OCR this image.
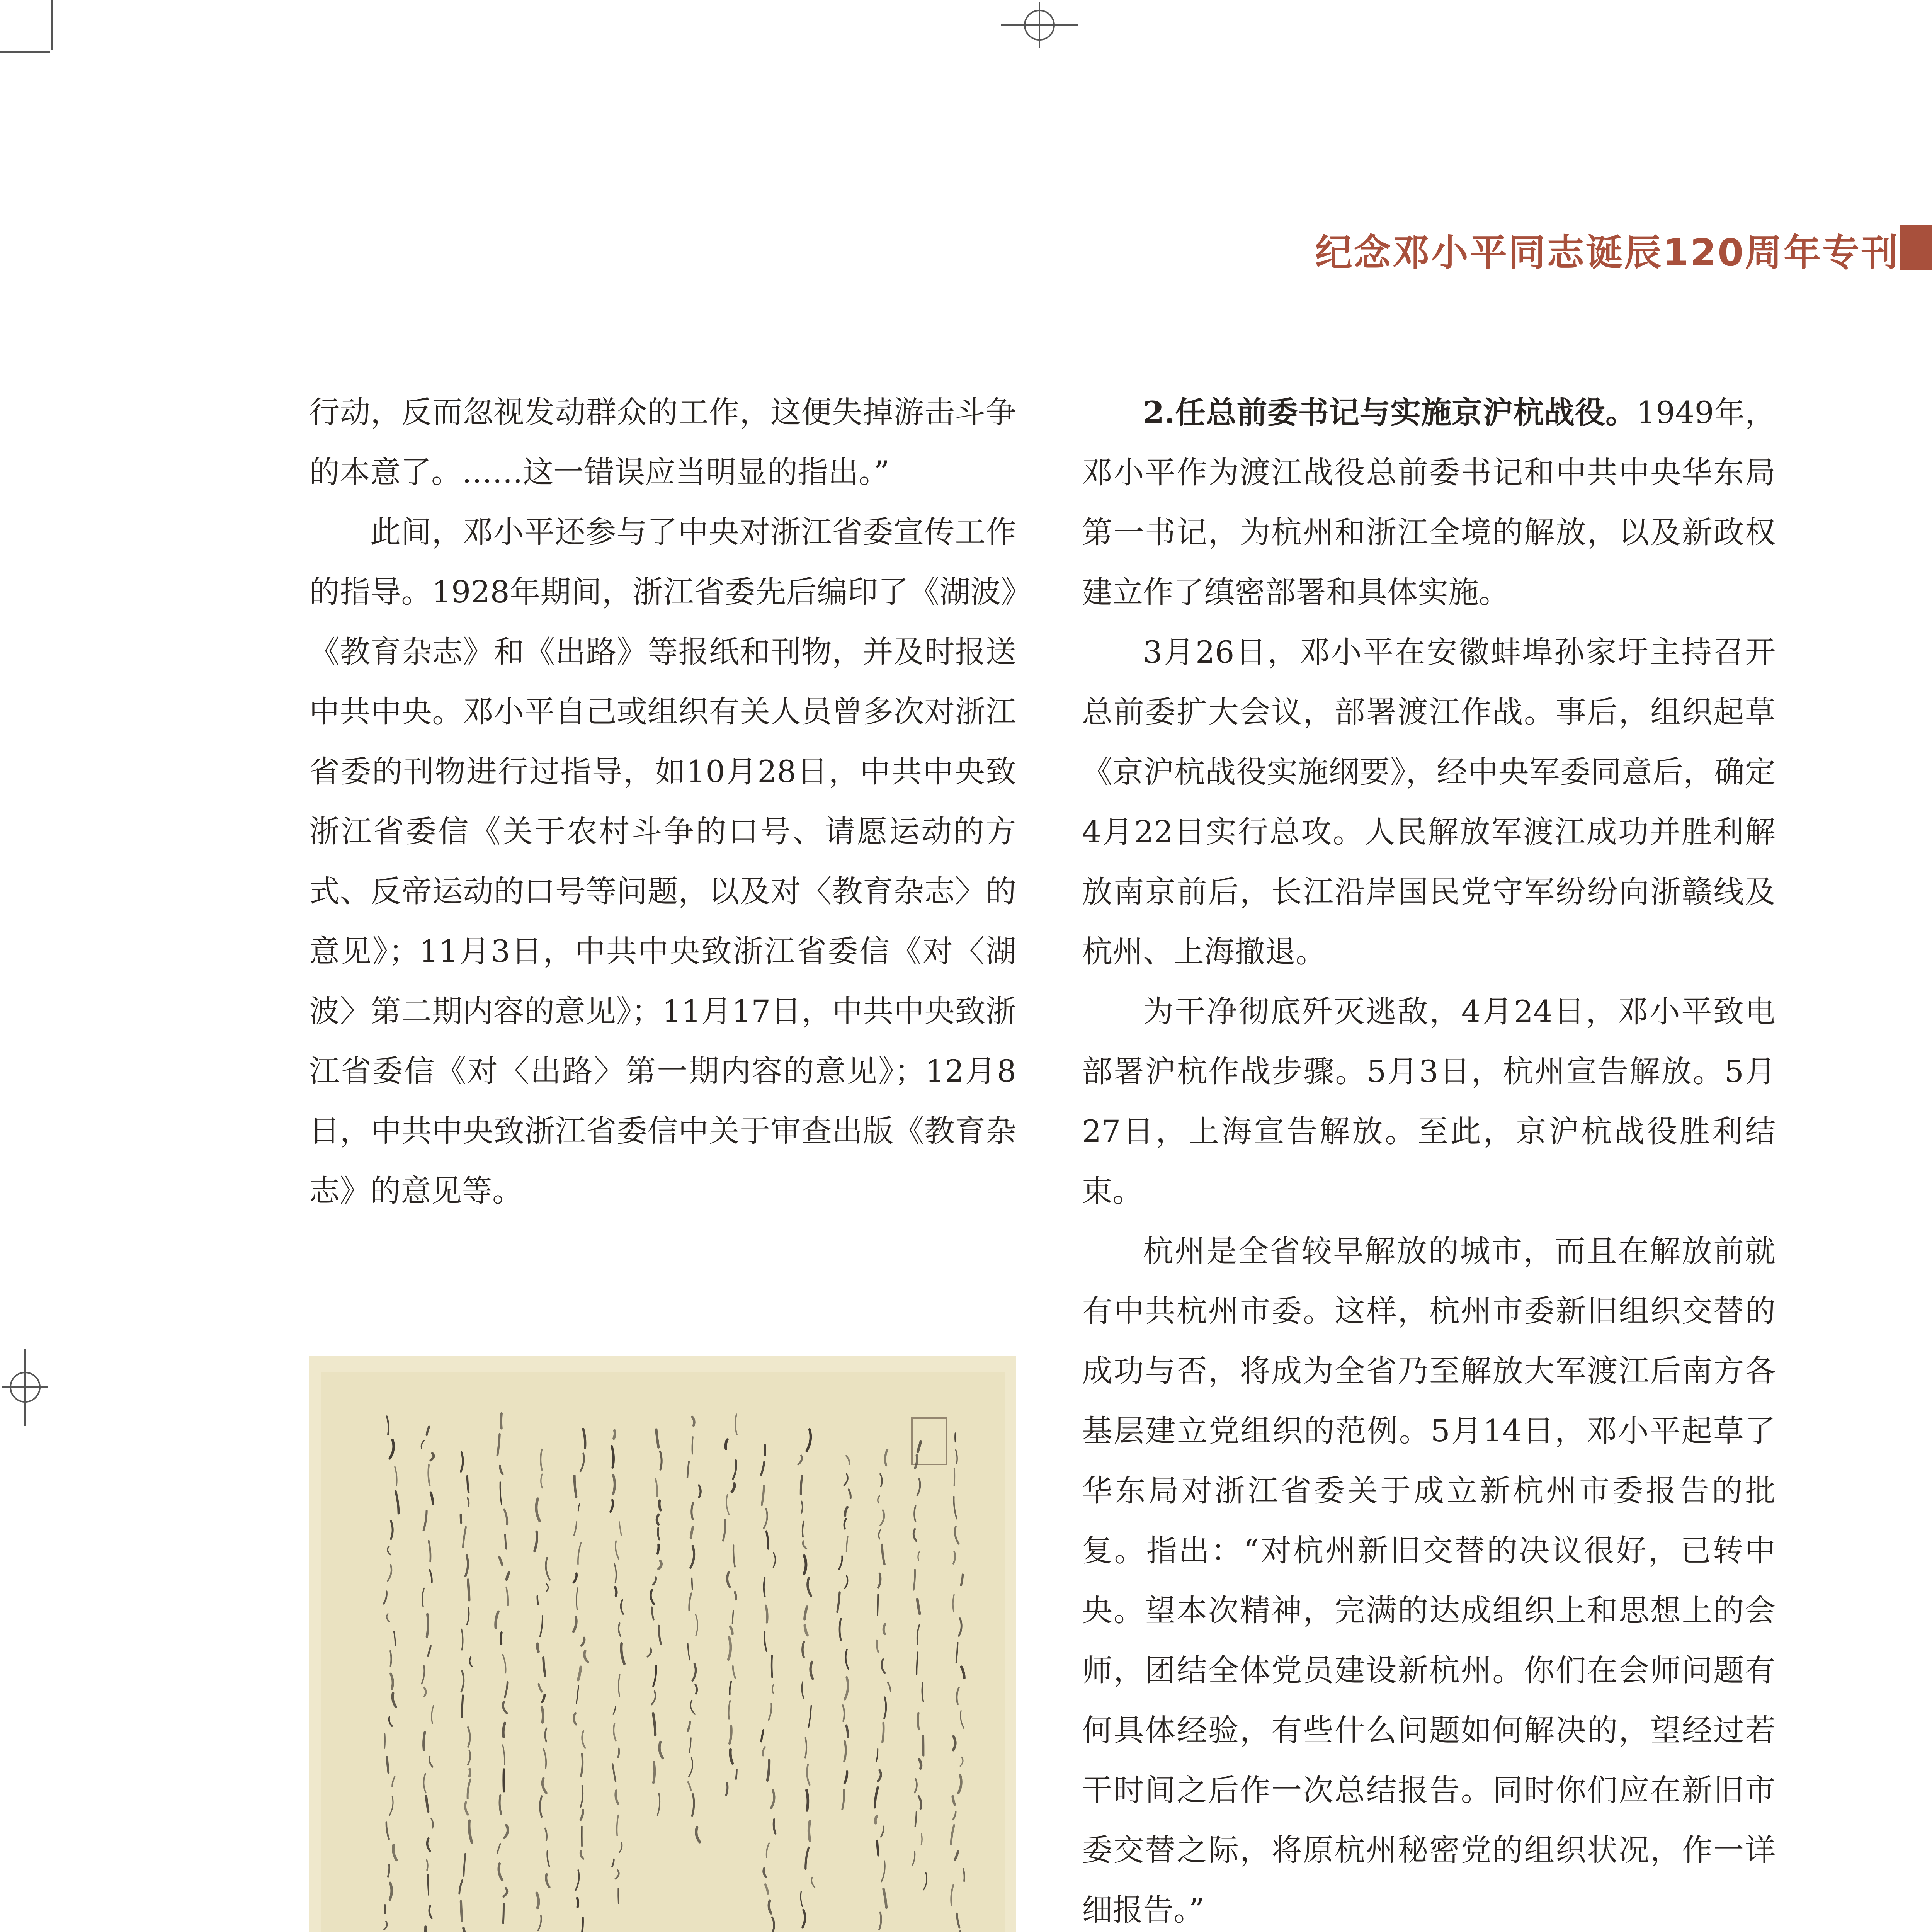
纪念邓小平同志诞辰120周年专刊

行动，反而忽视发动群众的工作，这便失掉游击斗争的本意了。……这一错误应当明显的指出。”

此间，邓小平还参与了中央对浙江省委宣传工作的指导。1928年期间，浙江省委先后编印了《湖波》《教育杂志》和《出路》等报纸和刊物，并及时报送中共中央。邓小平自己或组织有关人员曾多次对浙江省委的刊物进行过指导，如10月28日，中共中央致浙江省委信《关于农村斗争的口号、请愿运动的方式、反帝运动的口号等问题，以及对〈教育杂志〉的意见》；11月3日，中共中央致浙江省委信《对〈湖波〉第二期内容的意见》；11月17日，中共中央致浙江省委信《对〈出路〉第一期内容的意见》；12月8日，中共中央致浙江省委信中关于审查出版《教育杂志》的意见等。

2.任总前委书记与实施京沪杭战役。1949年，邓小平作为渡江战役总前委书记和中共中央华东局第一书记，为杭州和浙江全境的解放，以及新政权建立作了缜密部署和具体实施。

3月26日，邓小平在安徽蚌埠孙家圩主持召开总前委扩大会议，部署渡江作战。事后，组织起草《京沪杭战役实施纲要》，经中央军委同意后，确定4月22日实行总攻。人民解放军渡江成功并胜利解放南京前后，长江沿岸国民党守军纷纷向浙赣线及杭州、上海撤退。

为干净彻底歼灭逃敌，4月24日，邓小平致电部署沪杭作战步骤。5月3日，杭州宣告解放。5月27日，上海宣告解放。至此，京沪杭战役胜利结束。

杭州是全省较早解放的城市，而且在解放前就有中共杭州市委。这样，杭州市委新旧组织交替的成功与否，将成为全省乃至解放大军渡江后南方各基层建立党组织的范例。5月14日，邓小平起草了华东局对浙江省委关于成立新杭州市委报告的批复。指出：“对杭州新旧交替的决议很好，已转中央。望本次精神，完满的达成组织上和思想上的会师，团结全体党员建设新杭州。你们在会师问题有何具体经验，有些什么问题如何解决的，望经过若干时间之后作一次总结报告。同时你们应在新旧市委交替之际，将原杭州秘密党的组织状况，作一详细报告。”
